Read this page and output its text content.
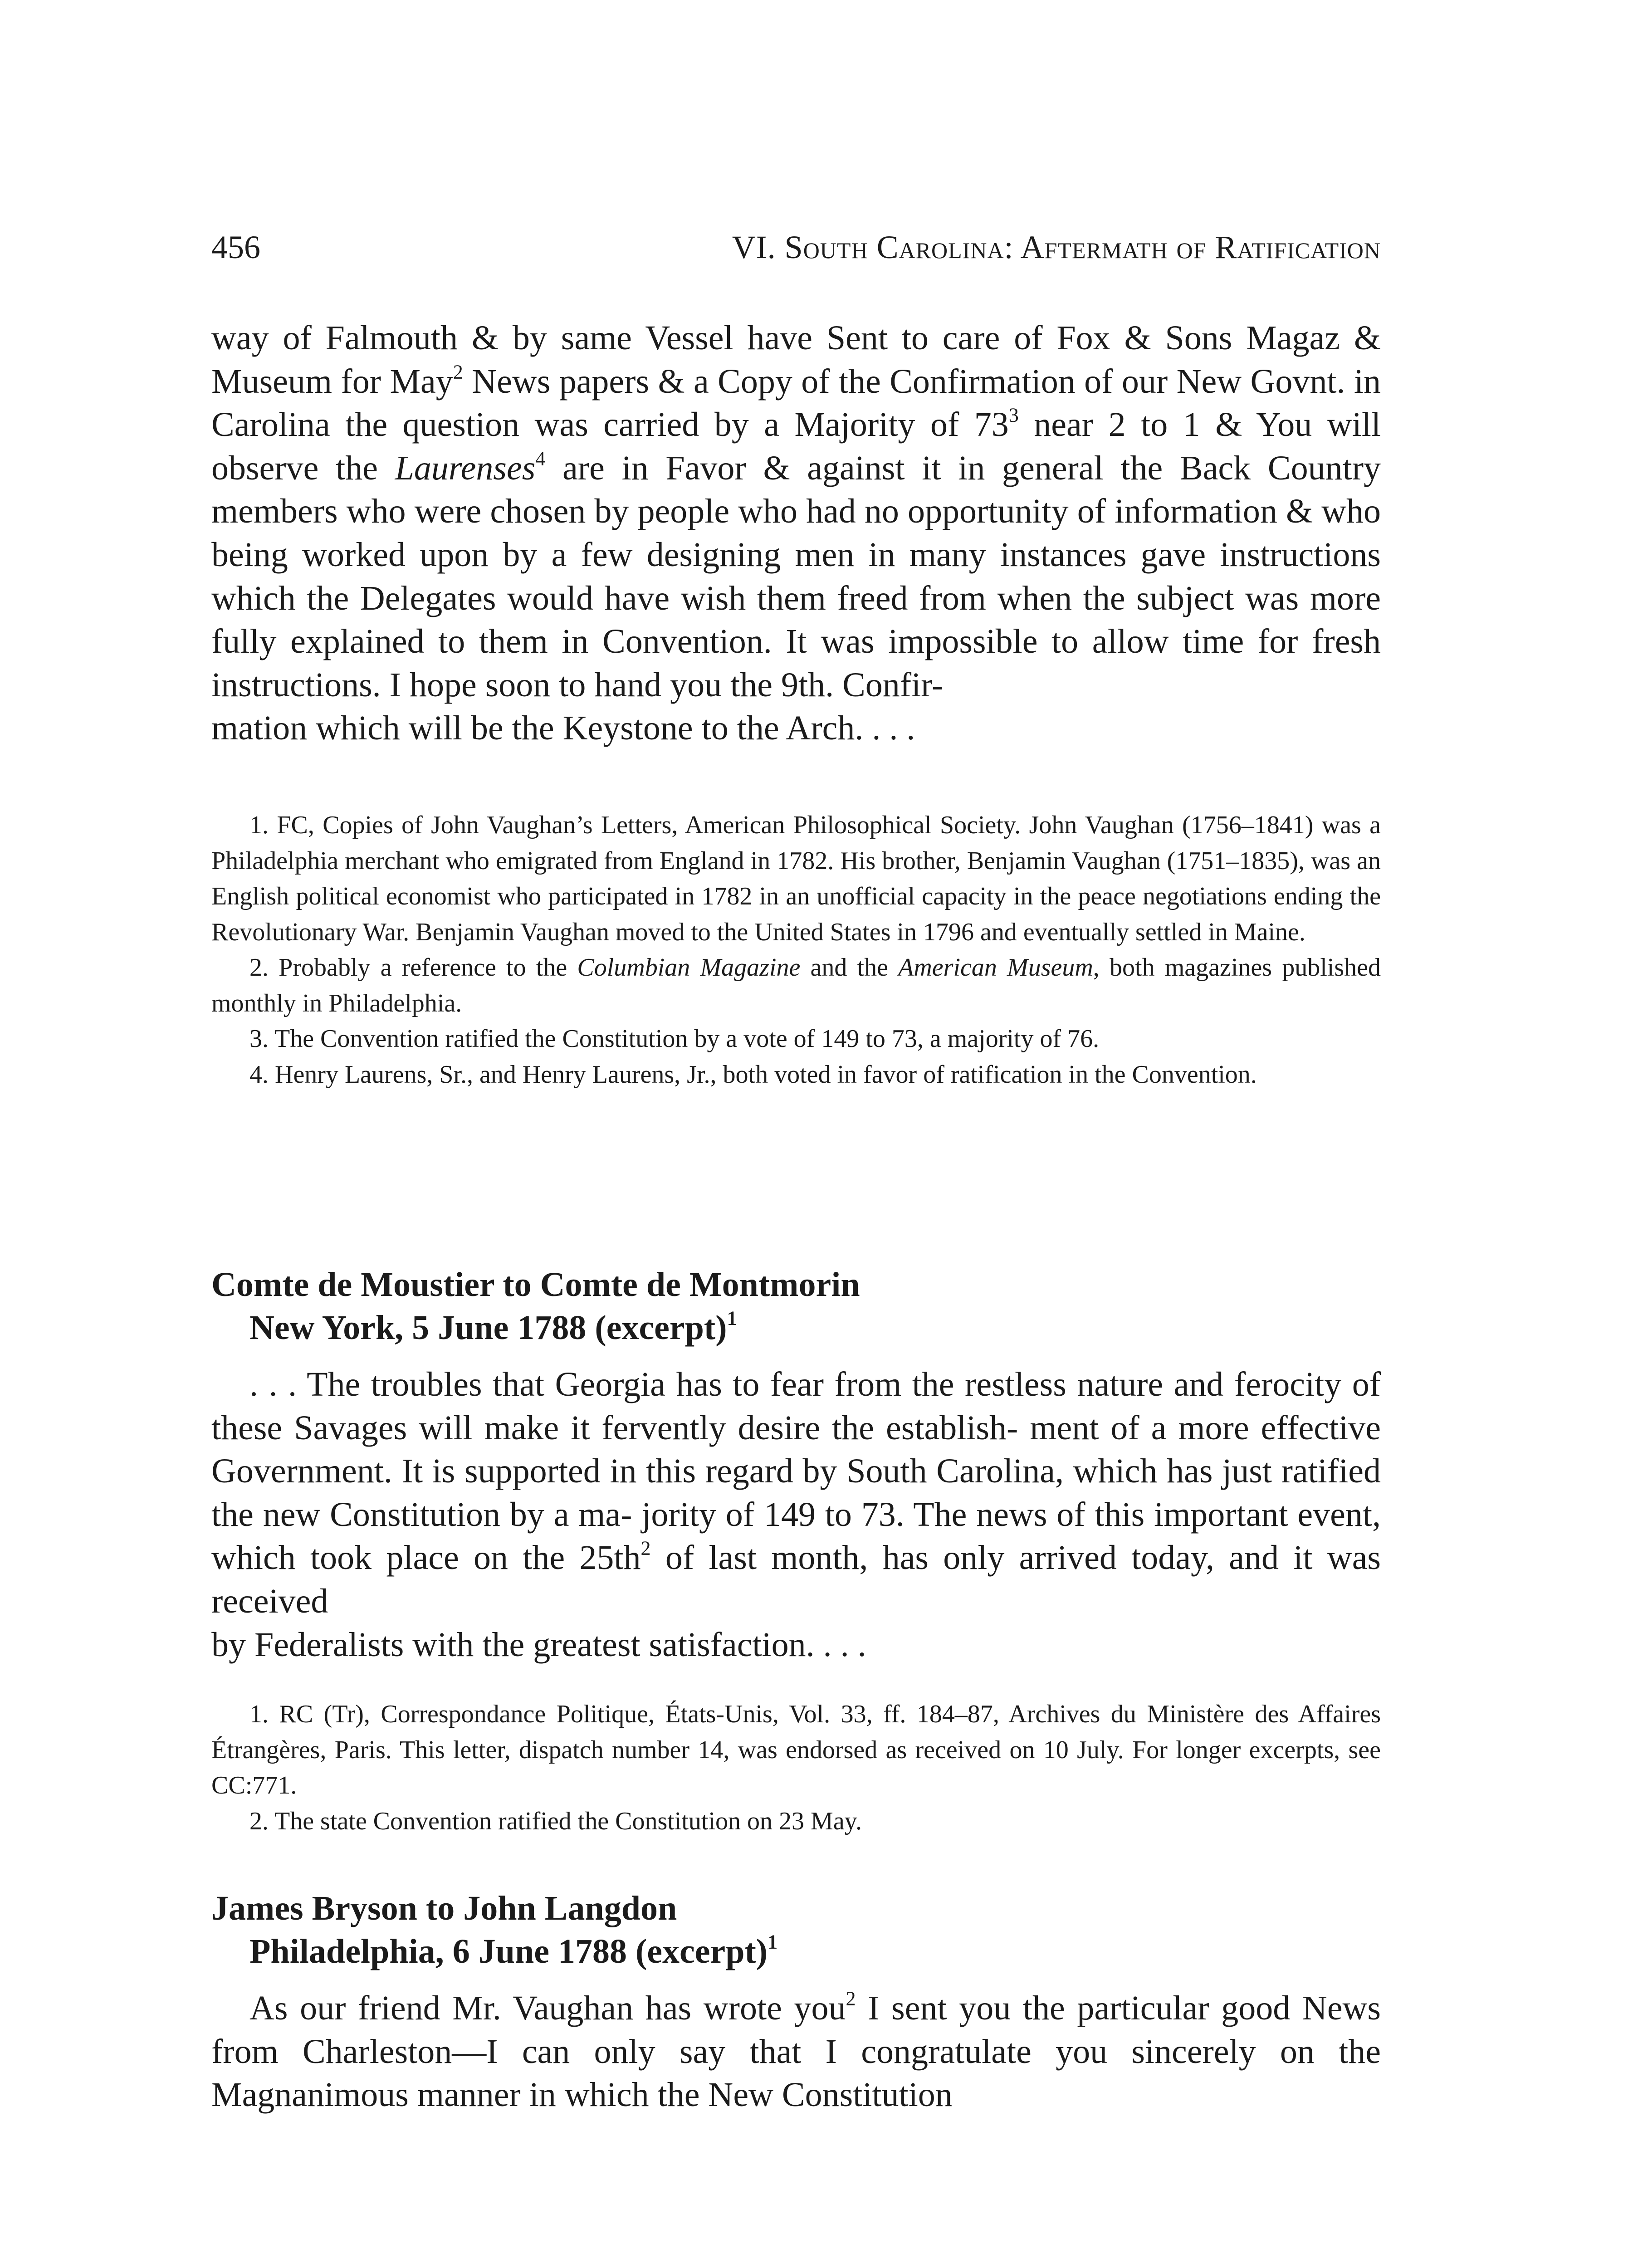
456	VI. South Carolina: Aftermath of Ratification

way of Falmouth & by same Vessel have Sent to care of Fox & Sons Magaz & Museum for May$^2$ News papers & a Copy of the Confirmation of our New Govnt. in Carolina the question was carried by a Majority of $73^3$ near 2 to 1 & You will observe the Laurenses$^4$ are in Favor & against it in general the Back Country members who were chosen by people who had no opportunity of information & who being worked upon by a few designing men in many instances gave instructions which the Delegates would have wish them freed from when the subject was more fully explained to them in Convention. It was impossible to allow time for fresh instructions. I hope soon to hand you the 9th. Confir-
mation which will be the Keystone to the Arch. . . .

1. FC, Copies of John Vaughan’s Letters, American Philosophical Society. John Vaughan (1756–1841) was a Philadelphia merchant who emigrated from England in 1782. His brother, Benjamin Vaughan (1751–1835), was an English political economist who participated in 1782 in an unofficial capacity in the peace negotiations ending the Revolutionary War. Benjamin Vaughan moved to the United States in 1796 and eventually settled in Maine.

2. Probably a reference to the Columbian Magazine and the American Museum, both magazines published monthly in Philadelphia.

3. The Convention ratified the Constitution by a vote of 149 to 73, a majority of 76.

4. Henry Laurens, Sr., and Henry Laurens, Jr., both voted in favor of ratification in the Convention.

Comte de Moustier to Comte de Montmorin

New York, 5 June 1788 (excerpt)$^1$

. . . The troubles that Georgia has to fear from the restless nature and ferocity of these Savages will make it fervently desire the establish- ment of a more effective Government. It is supported in this regard by South Carolina, which has just ratified the new Constitution by a ma- jority of 149 to 73. The news of this important event, which took place on the $25th^2$ of last month, has only arrived today, and it was received
by Federalists with the greatest satisfaction. . . .

1. RC (Tr), Correspondance Politique, États-Unis, Vol. 33, ff. 184–87, Archives du Ministère des Affaires Étrangères, Paris. This letter, dispatch number 14, was endorsed as received on 10 July. For longer excerpts, see CC:771.

2. The state Convention ratified the Constitution on 23 May.

James Bryson to John Langdon

Philadelphia, 6 June 1788 (excerpt)$^1$

As our friend Mr. Vaughan has wrote you$^2$ I sent you the particular good News from Charleston—I can only say that I congratulate you sincerely on the Magnanimous manner in which the New Constitution
